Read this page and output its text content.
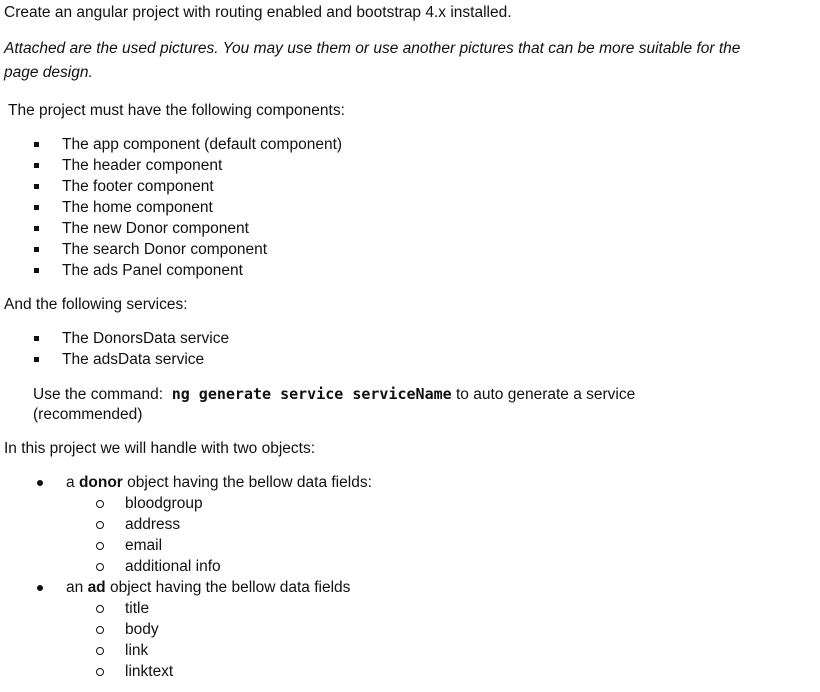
Create an angular project with routing enabled and bootstrap 4.x installed.
Attached are the used pictures. You may use them or use another pictures that can be more suitable for the
page design.
The project must have the following components:
The app component (default component)
The header component
The footer component
The home component
The new Donor component
The search Donor component
The ads Panel component
And the following services:
The DonorsData service
The adsData service
Use the command: ng generate service serviceName to auto generate a service
(recommended)
In this project we will handle with two objects:
a donor object having the bellow data fields:
bloodgroup
address
email
additional info
an ad object having the bellow data fields
title
body
link
linktext
